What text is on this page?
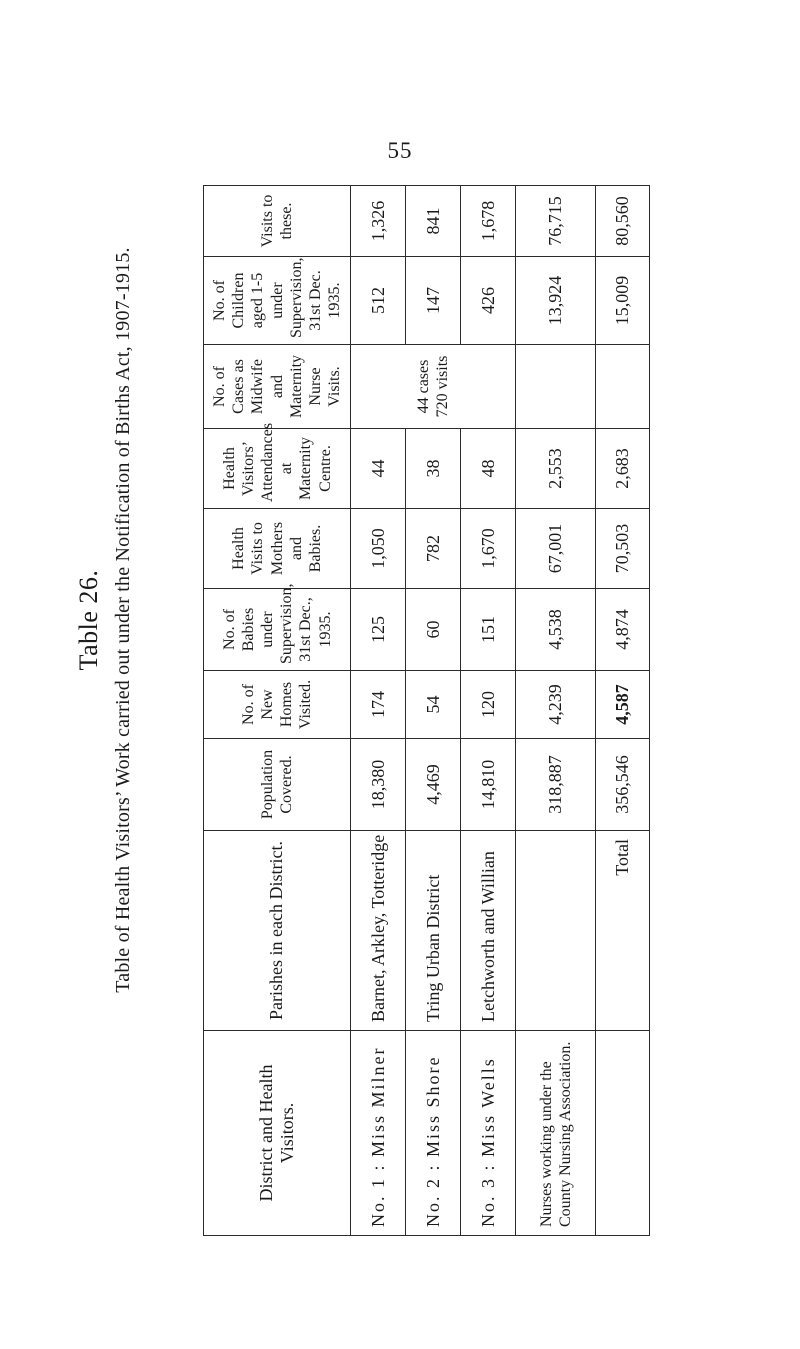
55
Table 26. Table of Health Visitors’ Work carried out under the Notification of Births Act, 1907-1915.
District and Health Visitors.	Parishes in each District.	Population Covered.	No. of New Homes Visited.	No. of Babies under Supervision, 31st Dec., 1935.	Health Visits to Mothers and Babies.	Health Visitors’ Attendances at Maternity Centre.	No. of Cases as Midwife and Maternity Nurse Visits.	No. of Children aged 1-5 under Supervision, 31st Dec. 1935.	Visits to these.
No. 1 : Miss Milner	Barnet, Arkley, Totteridge	18,380	174	125	1,050	44	44 cases 720 visits	512	1,326
No. 2 : Miss Shore	Tring Urban District	4,469	54	60	782	38		147	841
No. 3 : Miss Wells	Letchworth and Willian	14,810	120	151	1,670	48		426	1,678
Nurses working under the County Nursing Association.		318,887	4,239	4,538	67,001	2,553		13,924	76,715
	Total	356,546	4,587	4,874	70,503	2,683		15,009	80,560
